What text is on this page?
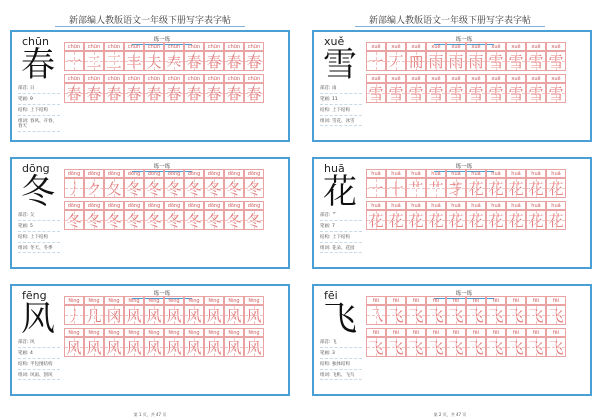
新部编人教版语文一年级下册写字表字帖
chūn
春
练一练
部首: 日
笔画: 9
结构: 上下结构
组词: 春风、开春、春天
chūn	chūn	chūn	chūn	chūn	chūn	chūn	chūn	chūn	chūn
一 二 三 丰 夫 𡗗 春 春 春 春
chūn	chūn	chūn	chūn	chūn	chūn	chūn	chūn	chūn	chūn
春 春 春 春 春 春 春 春 春 春
dōng
冬
练一练
部首: 夂
笔画: 5
结构: 上下结构
组词: 冬天、冬季
dōng	dōng	dōng	dōng	dōng	dōng	dōng	dōng	dōng	dōng
丿 ク 夂 冬 冬 冬 冬 冬 冬 冬
dōng	dōng	dōng	dōng	dōng	dōng	dōng	dōng	dōng	dōng
冬 冬 冬 冬 冬 冬 冬 冬 冬 冬
fēng
风
练一练
部首: 风
笔画: 4
结构: 半包围结构
组词: 风雨、刮风
fēng	fēng	fēng	fēng	fēng	fēng	fēng	fēng	fēng	fēng
丿 几 冈 风 风 风 风 风 风 风
fēng	fēng	fēng	fēng	fēng	fēng	fēng	fēng	fēng	fēng
风 风 风 风 风 风 风 风 风 风
第 1 页，共 47 页
新部编人教版语文一年级下册写字表字帖
xuě
雪
练一练
部首: 雨
笔画: 11
结构: 上下结构
组词: 雪花、冰雪
xuě	xuě	xuě	xuě	xuě	xuě	xuě	xuě	xuě	xuě
一 丆 𠕁 雨 雨 雨 雪 雪 雪 雪
xuě	xuě	xuě	xuě	xuě	xuě	xuě	xuě	xuě	xuě
雪 雪 雪 雪 雪 雪 雪 雪 雪 雪
huā
花
练一练
部首: 艹
笔画: 7
结构: 上下结构
组词: 花朵、花园
huā	huā	huā	huā	huā	huā	huā	huā	huā	huā
一 十 艹 艹 𦬁 花 花 花 花 花
huā	huā	huā	huā	huā	huā	huā	huā	huā	huā
花 花 花 花 花 花 花 花 花 花
fēi
飞
练一练
部首: 飞
笔画: 3
结构: 独体结构
组词: 飞机、飞鸟
fēi	fēi	fēi	fēi	fēi	fēi	fēi	fēi	fēi	fēi
乁 飞 飞 飞 飞 飞 飞 飞 飞 飞
fēi	fēi	fēi	fēi	fēi	fēi	fēi	fēi	fēi	fēi
飞 飞 飞 飞 飞 飞 飞 飞 飞 飞
第 2 页，共 47 页
